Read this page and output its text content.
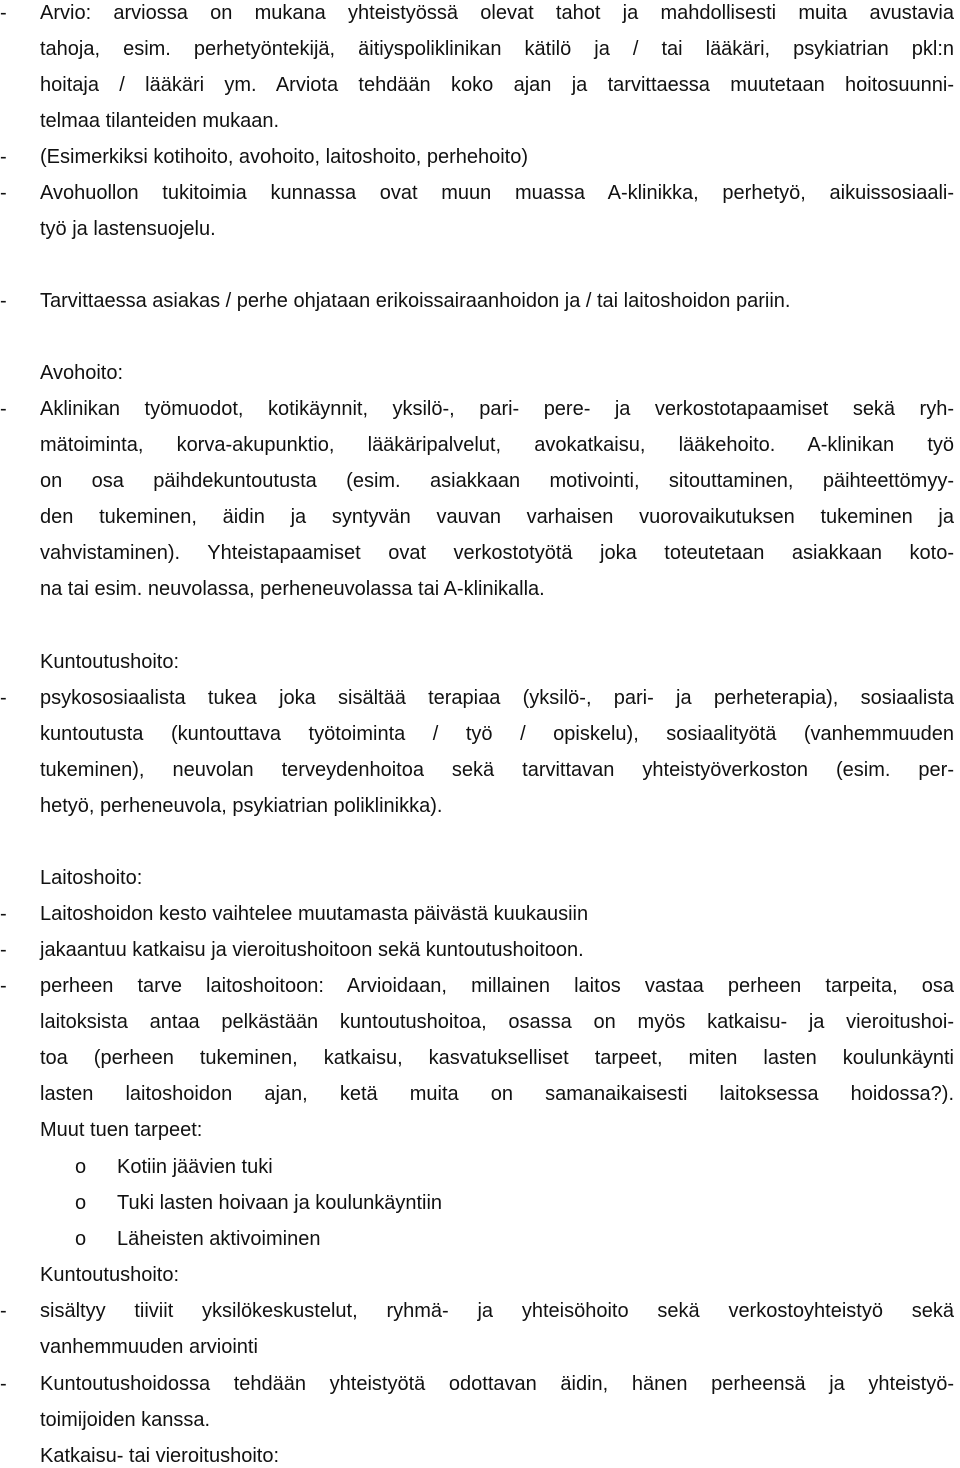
- Arvio: arviossa on mukana yhteistyössä olevat tahot ja mahdollisesti muita avustavia
tahoja, esim. perhetyöntekijä, äitiyspoliklinikan kätilö ja / tai lääkäri, psykiatrian pkl:n
hoitaja / lääkäri ym. Arviota tehdään koko ajan ja tarvittaessa muutetaan hoitosuunni-
telmaa tilanteiden mukaan.
- (Esimerkiksi kotihoito, avohoito, laitoshoito, perhehoito)
- Avohuollon tukitoimia kunnassa ovat muun muassa A-klinikka, perhetyö, aikuissosiaali-
työ ja lastensuojelu.
- Tarvittaessa asiakas / perhe ohjataan erikoissairaanhoidon ja / tai laitoshoidon pariin.
Avohoito:
- Aklinikan työmuodot, kotikäynnit, yksilö-, pari- pere- ja verkostotapaamiset sekä ryh-
mätoiminta, korva-akupunktio, lääkäripalvelut, avokatkaisu, lääkehoito. A-klinikan työ
on osa päihdekuntoutusta (esim. asiakkaan motivointi, sitouttaminen, päihteettömyy-
den tukeminen, äidin ja syntyvän vauvan varhaisen vuorovaikutuksen tukeminen ja
vahvistaminen). Yhteistapaamiset ovat verkostotyötä joka toteutetaan asiakkaan koto-
na tai esim. neuvolassa, perheneuvolassa tai A-klinikalla.
Kuntoutushoito:
- psykososiaalista tukea joka sisältää terapiaa (yksilö-, pari- ja perheterapia), sosiaalista
kuntoutusta (kuntouttava työtoiminta / työ / opiskelu), sosiaalityötä (vanhemmuuden
tukeminen), neuvolan terveydenhoitoa sekä tarvittavan yhteistyöverkoston (esim. per-
hetyö, perheneuvola, psykiatrian poliklinikka).
Laitoshoito:
- Laitoshoidon kesto vaihtelee muutamasta päivästä kuukausiin
- jakaantuu katkaisu ja vieroitushoitoon sekä kuntoutushoitoon.
- perheen tarve laitoshoitoon: Arvioidaan, millainen laitos vastaa perheen tarpeita, osa
laitoksista antaa pelkästään kuntoutushoitoa, osassa on myös katkaisu- ja vieroitushoi-
toa (perheen tukeminen, katkaisu, kasvatukselliset tarpeet, miten lasten koulunkäynti
lasten laitoshoidon ajan, ketä muita on samanaikaisesti laitoksessa hoidossa?).
Muut tuen tarpeet:
o Kotiin jäävien tuki
o Tuki lasten hoivaan ja koulunkäyntiin
o Läheisten aktivoiminen
Kuntoutushoito:
- sisältyy tiiviit yksilökeskustelut, ryhmä- ja yhteisöhoito sekä verkostoyhteistyö sekä
vanhemmuuden arviointi
- Kuntoutushoidossa tehdään yhteistyötä odottavan äidin, hänen perheensä ja yhteistyö-
toimijoiden kanssa.
Katkaisu- tai vieroitushoito:
